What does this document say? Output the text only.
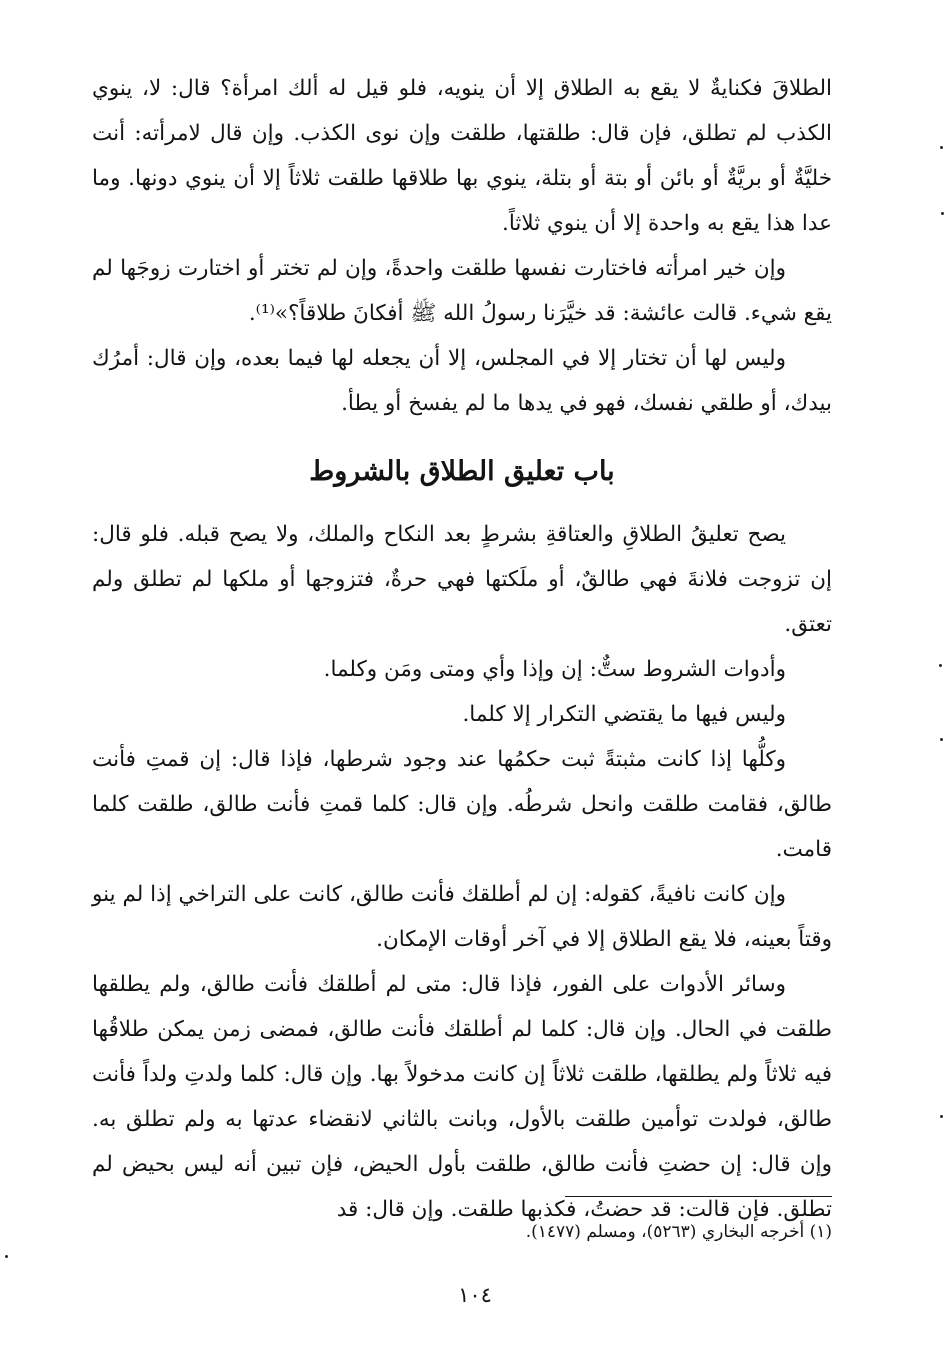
الطلاقَ فكنايةٌ لا يقع به الطلاق إلا أن ينويه، فلو قيل له ألك امرأة؟ قال: لا، ينوي الكذب لم تطلق، فإن قال: طلقتها، طلقت وإن نوى الكذب. وإن قال لامرأته: أنت خليَّةٌ أو بريَّةٌ أو بائن أو بتة أو بتلة، ينوي بها طلاقها طلقت ثلاثاً إلا أن ينوي دونها. وما عدا هذا يقع به واحدة إلا أن ينوي ثلاثاً.

وإن خير امرأته فاختارت نفسها طلقت واحدةً، وإن لم تختر أو اختارت زوجَها لم يقع شيء. قالت عائشة: قد خيَّرَنا رسولُ الله ﷺ أفكانَ طلاقاً؟»⁽¹⁾.

وليس لها أن تختار إلا في المجلس، إلا أن يجعله لها فيما بعده، وإن قال: أمرُك بيدك، أو طلقي نفسك، فهو في يدها ما لم يفسخ أو يطأ.

باب تعليق الطلاق بالشروط

يصح تعليقُ الطلاقِ والعتاقةِ بشرطٍ بعد النكاح والملك، ولا يصح قبله. فلو قال: إن تزوجت فلانةَ فهي طالقٌ، أو ملَكتها فهي حرةٌ، فتزوجها أو ملكها لم تطلق ولم تعتق.

وأدوات الشروط ستٌّ: إن وإذا وأي ومتى ومَن وكلما.

وليس فيها ما يقتضي التكرار إلا كلما.

وكلُّها إذا كانت مثبتةً ثبت حكمُها عند وجود شرطها، فإذا قال: إن قمتِ فأنت طالق، فقامت طلقت وانحل شرطُه. وإن قال: كلما قمتِ فأنت طالق، طلقت كلما قامت.

وإن كانت نافيةً، كقوله: إن لم أطلقك فأنت طالق، كانت على التراخي إذا لم ينو وقتاً بعينه، فلا يقع الطلاق إلا في آخر أوقات الإمكان.

وسائر الأدوات على الفور، فإذا قال: متى لم أطلقك فأنت طالق، ولم يطلقها طلقت في الحال. وإن قال: كلما لم أطلقك فأنت طالق، فمضى زمن يمكن طلاقُها فيه ثلاثاً ولم يطلقها، طلقت ثلاثاً إن كانت مدخولاً بها. وإن قال: كلما ولدتِ ولداً فأنت طالق، فولدت توأمين طلقت بالأول، وبانت بالثاني لانقضاء عدتها به ولم تطلق به. وإن قال: إن حضتِ فأنت طالق، طلقت بأول الحيض، فإن تبين أنه ليس بحيض لم تطلق. فإن قالت: قد حضتُ، فكذبها طلقت. وإن قال: قد

(١) أخرجه البخاري (٥٢٦٣)، ومسلم (١٤٧٧).
١٠٤
